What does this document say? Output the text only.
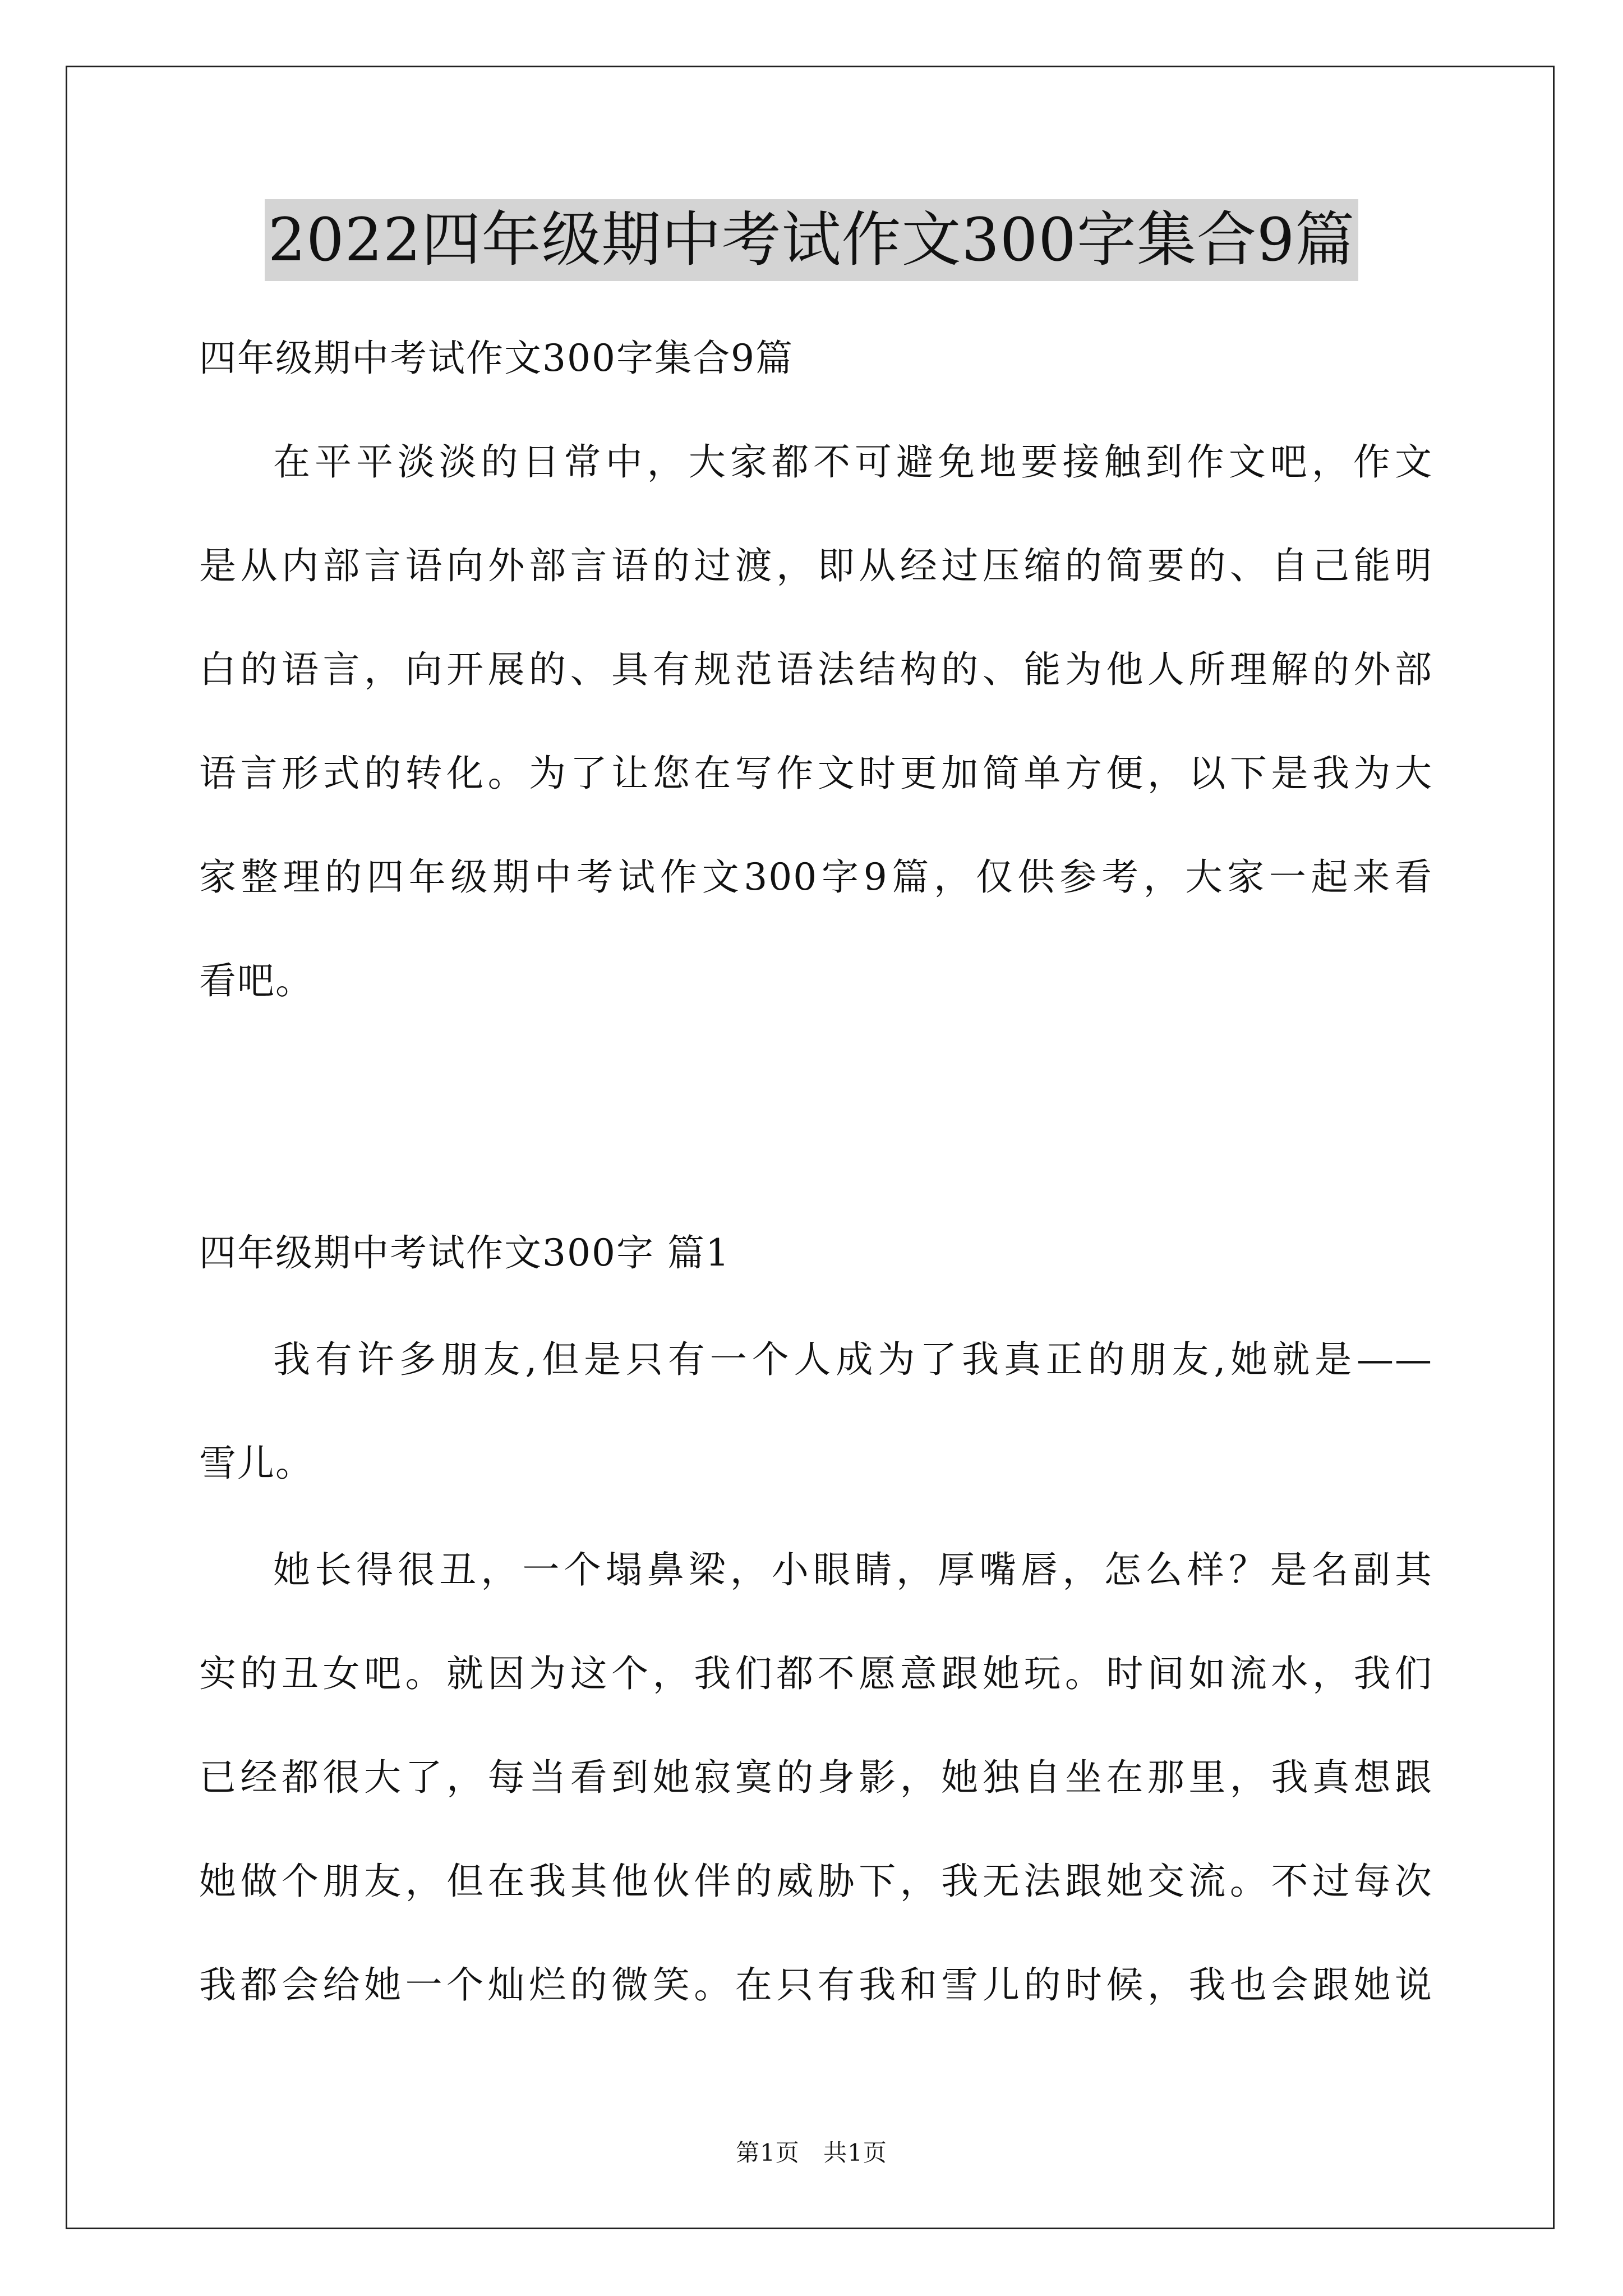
2022四年级期中考试作文300字集合9篇
四年级期中考试作文300字集合9篇
在平平淡淡的日常中，大家都不可避免地要接触到作文吧，作文
是从内部言语向外部言语的过渡，即从经过压缩的简要的、自己能明
白的语言，向开展的、具有规范语法结构的、能为他人所理解的外部
语言形式的转化。为了让您在写作文时更加简单方便，以下是我为大
家整理的四年级期中考试作文300字9篇，仅供参考，大家一起来看
看吧。
四年级期中考试作文300字 篇1
我有许多朋友,但是只有一个人成为了我真正的朋友,她就是——
雪儿。
她长得很丑，一个塌鼻梁，小眼睛，厚嘴唇，怎么样？是名副其
实的丑女吧。就因为这个，我们都不愿意跟她玩。时间如流水，我们
已经都很大了，每当看到她寂寞的身影，她独自坐在那里，我真想跟
她做个朋友，但在我其他伙伴的威胁下，我无法跟她交流。不过每次
我都会给她一个灿烂的微笑。在只有我和雪儿的时候，我也会跟她说
第1页 共1页
